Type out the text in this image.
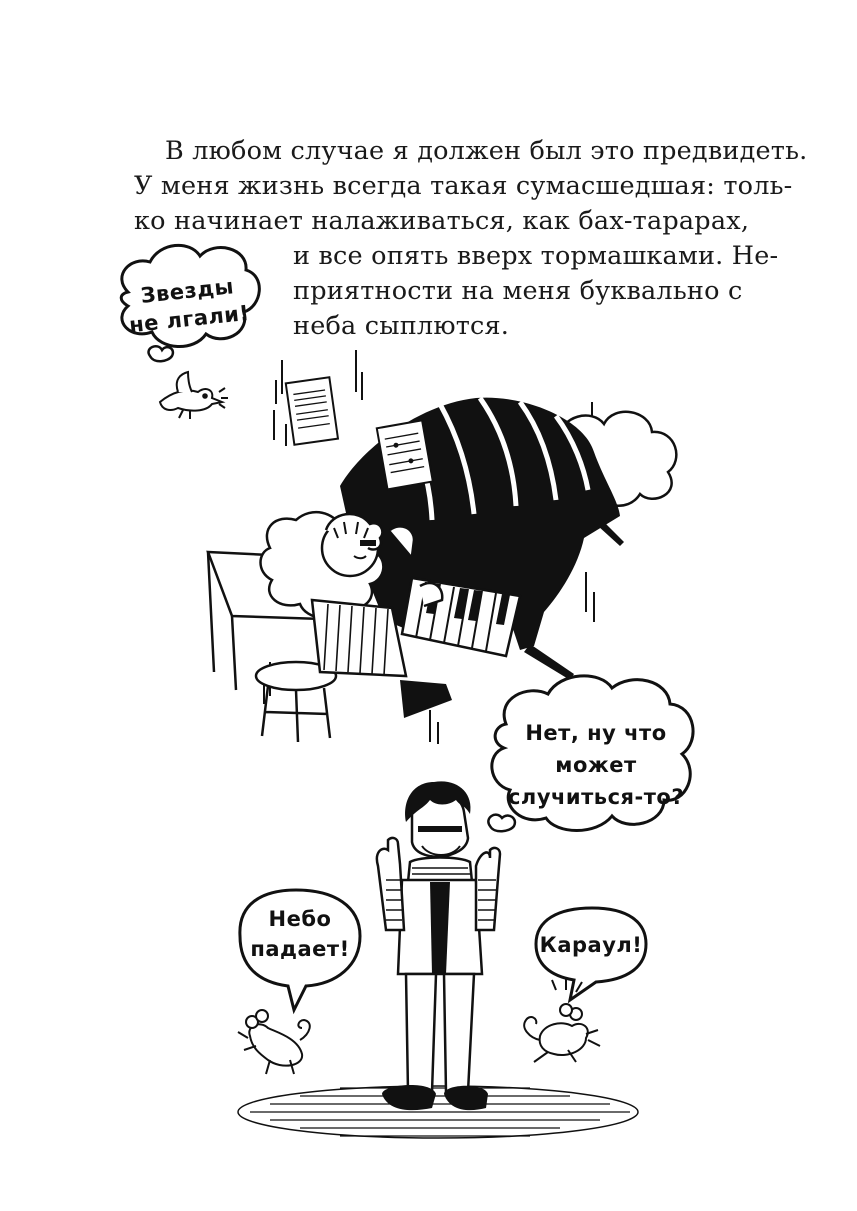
В любом случае я должен был это предвидеть.
У меня жизнь всегда такая сумасшедшая: толь-
ко начинает налаживаться, как бах-тарарах,
и все опять вверх тормашками. Не-
приятности на меня буквально с
неба сыплются.
Звезды
не лгали!
Нет, ну что
может
случиться-то?
Небо
падает!	Караул!
